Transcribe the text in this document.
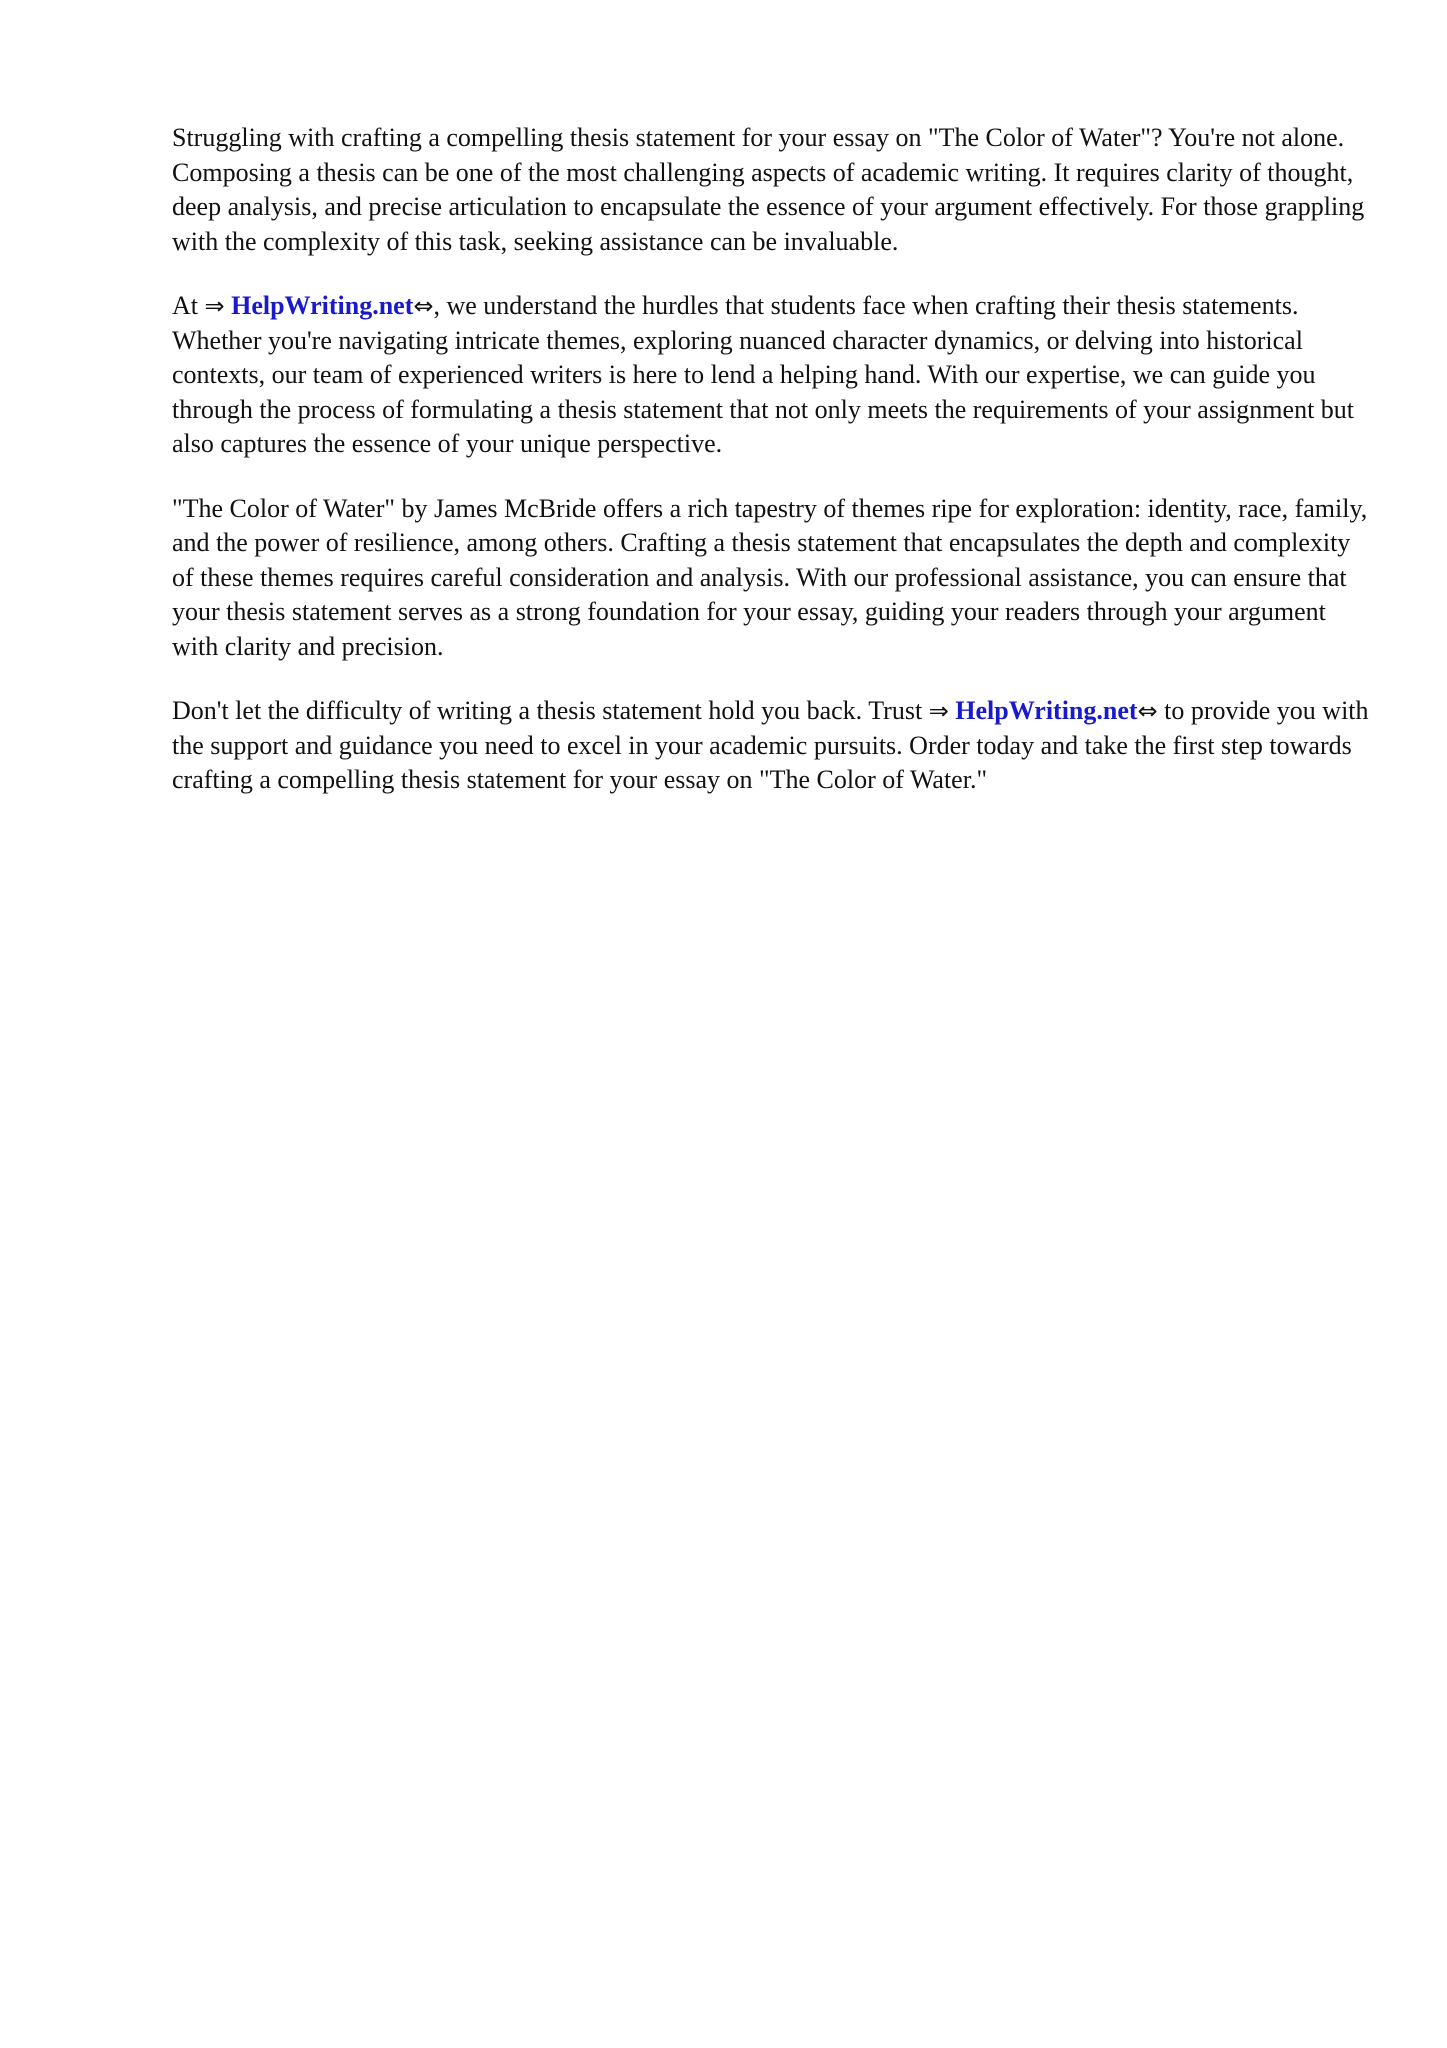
Struggling with crafting a compelling thesis statement for your essay on "The Color of Water"? You're not alone. Composing a thesis can be one of the most challenging aspects of academic writing. It requires clarity of thought, deep analysis, and precise articulation to encapsulate the essence of your argument effectively. For those grappling with the complexity of this task, seeking assistance can be invaluable.

At ⇒ HelpWriting.net⇔, we understand the hurdles that students face when crafting their thesis statements. Whether you're navigating intricate themes, exploring nuanced character dynamics, or delving into historical contexts, our team of experienced writers is here to lend a helping hand. With our expertise, we can guide you through the process of formulating a thesis statement that not only meets the requirements of your assignment but also captures the essence of your unique perspective.

"The Color of Water" by James McBride offers a rich tapestry of themes ripe for exploration: identity, race, family, and the power of resilience, among others. Crafting a thesis statement that encapsulates the depth and complexity of these themes requires careful consideration and analysis. With our professional assistance, you can ensure that your thesis statement serves as a strong foundation for your essay, guiding your readers through your argument with clarity and precision.

Don't let the difficulty of writing a thesis statement hold you back. Trust ⇒ HelpWriting.net⇔ to provide you with the support and guidance you need to excel in your academic pursuits. Order today and take the first step towards crafting a compelling thesis statement for your essay on "The Color of Water."
